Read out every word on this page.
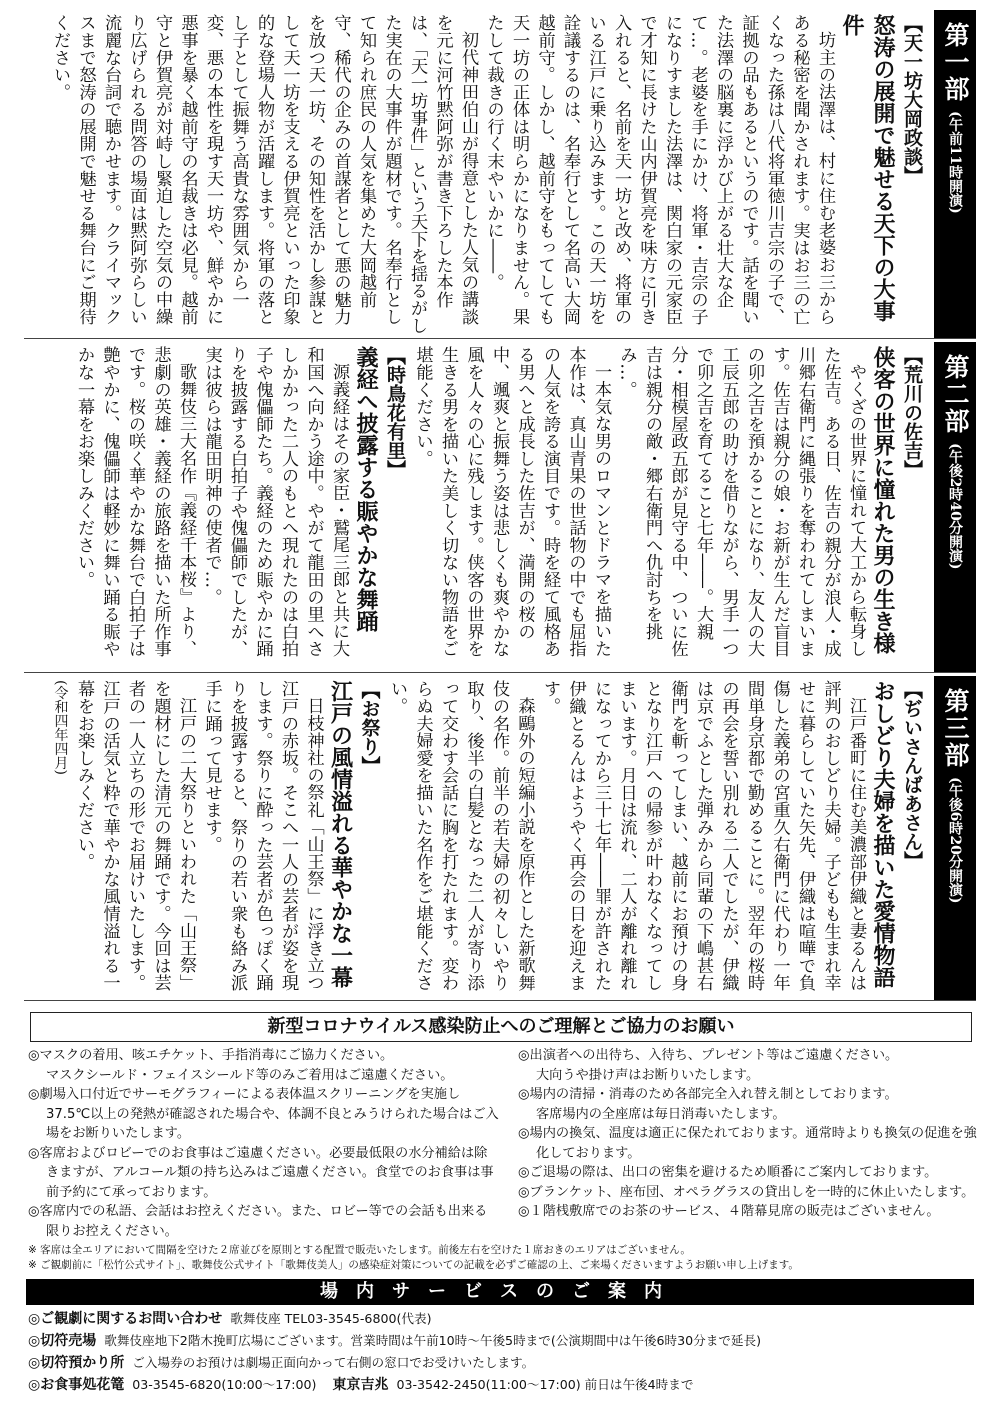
第一部
(午前11時開演)
【天一坊大岡政談】
怒涛の展開で魅せる天下の大事件

坊主の法澤は、村に住む老婆お三からある秘密を聞かされます。実はお三の亡くなった孫は八代将軍徳川吉宗の子で、証拠の品もあるというのです。話を聞いた法澤の脳裏に浮かび上がる壮大な企て…。老婆を手にかけ、将軍・吉宗の子になりすました法澤は、関白家の元家臣で才知に長けた山内伊賀亮を味方に引き入れると、名前を天一坊と改め、将軍のいる江戸に乗り込みます。この天一坊を詮議するのは、名奉行として名高い大岡越前守。しかし、越前守をもってしても天一坊の正体は明らかになりません。果たして裁きの行く末やいかに――。

初代神田伯山が得意とした人気の講談を元に河竹黙阿弥が書き下ろした本作は、「天一坊事件」という天下を揺るがした実在の大事件が題材です。名奉行として知られ庶民の人気を集めた大岡越前守、稀代の企みの首謀者として悪の魅力を放つ天一坊、その知性を活かし参謀として天一坊を支える伊賀亮といった印象的な登場人物が活躍します。将軍の落とし子として振舞う高貴な雰囲気から一変、悪の本性を現す天一坊や、鮮やかに悪事を暴く越前守の名裁きは必見。越前守と伊賀亮が対峙し緊迫した空気の中繰り広げられる問答の場面は黙阿弥らしい流麗な台詞で聴かせます。クライマックスまで怒涛の展開で魅せる舞台にご期待ください。

第二部
(午後2時40分開演)
【荒川の佐吉】
侠客の世界に憧れた男の生き様

やくざの世界に憧れて大工から転身した佐吉。ある日、佐吉の親分が浪人・成川郷右衛門に縄張りを奪われてしまいます。佐吉は親分の娘・お新が生んだ盲目の卯之吉を預かることになり、友人の大工辰五郎の助けを借りながら、男手一つで卯之吉を育てること七年――。大親分・相模屋政五郎が見守る中、ついに佐吉は親分の敵・郷右衛門へ仇討ちを挑み…。

一本気な男のロマンとドラマを描いた本作は、真山青果の世話物の中でも屈指の人気を誇る演目です。時を経て風格ある男へと成長した佐吉が、満開の桜の中、颯爽と振舞う姿は悲しくも爽やかな風を人々の心に残します。侠客の世界を生きる男を描いた美しく切ない物語をご堪能ください。

【時鳥花有里】
義経へ披露する賑やかな舞踊

源義経はその家臣・鷲尾三郎と共に大和国へ向かう途中。やがて龍田の里へさしかかった二人のもとへ現れたのは白拍子や傀儡師たち。義経のため賑やかに踊りを披露する白拍子や傀儡師でしたが、実は彼らは龍田明神の使者で…。

歌舞伎三大名作『義経千本桜』より、悲劇の英雄・義経の旅路を描いた所作事です。桜の咲く華やかな舞台で白拍子は艶やかに、傀儡師は軽妙に舞い踊る賑やかな一幕をお楽しみください。

第三部
(午後6時20分開演)
【ぢいさんばあさん】
おしどり夫婦を描いた愛情物語

江戸番町に住む美濃部伊織と妻るんは評判のおしどり夫婦。子どもも生まれ幸せに暮らしていた矢先、伊織は喧嘩で負傷した義弟の宮重久右衛門に代わり一年間単身京都で勤めることに。翌年の桜時の再会を誓い別れる二人でしたが、伊織は京でふとした弾みから同輩の下嶋甚右衛門を斬ってしまい、越前にお預けの身となり江戸への帰参が叶わなくなってしまいます。月日は流れ、二人が離れ離れになってから三十七年――罪が許された伊織とるんはようやく再会の日を迎えます。

森鷗外の短編小説を原作とした新歌舞伎の名作。前半の若夫婦の初々しいやり取り、後半の白髪となった二人が寄り添って交わす会話に胸を打たれます。変わらぬ夫婦愛を描いた名作をご堪能ください。

【お祭り】
江戸の風情溢れる華やかな一幕

日枝神社の祭礼「山王祭」に浮き立つ江戸の赤坂。そこへ一人の芸者が姿を現します。祭りに酔った芸者が色っぽく踊りを披露すると、祭りの若い衆も絡み派手に踊って見せます。

江戸の二大祭りといわれた「山王祭」を題材にした清元の舞踊です。今回は芸者の一人立ちの形でお届けいたします。江戸の活気と粋で華やかな風情溢れる一幕をお楽しみください。

(令和四年四月)
新型コロナウイルス感染防止へのご理解とご協力のお願い
◎マスクの着用、咳エチケット、手指消毒にご協力ください。
マスクシールド・フェイスシールド等のみご着用はご遠慮ください。
◎劇場入口付近でサーモグラフィーによる表体温スクリーニングを実施し37.5℃以上の発熱が確認された場合や、体調不良とみうけられた場合はご入場をお断りいたします。
◎客席およびロビーでのお食事はご遠慮ください。必要最低限の水分補給は除きますが、アルコール類の持ち込みはご遠慮ください。食堂でのお食事は事前予約にて承っております。
◎客席内での私語、会話はお控えください。また、ロビー等での会話も出来る限りお控えください。
◎出演者への出待ち、入待ち、プレゼント等はご遠慮ください。
大向うや掛け声はお断りいたします。
◎場内の清掃・消毒のため各部完全入れ替え制としております。
客席場内の全座席は毎日消毒いたします。
◎場内の換気、温度は適正に保たれております。通常時よりも換気の促進を強化しております。
◎ご退場の際は、出口の密集を避けるため順番にご案内しております。
◎ブランケット、座布団、オペラグラスの貸出しを一時的に休止いたします。
◎１階桟敷席でのお茶のサービス、４階幕見席の販売はございません。
※ 客席は全エリアにおいて間隔を空けた２席並びを原則とする配置で販売いたします。前後左右を空けた１席おきのエリアはございません。
※ ご観劇前に「松竹公式サイト」、歌舞伎公式サイト「歌舞伎美人」の感染症対策についての記載を必ずご確認の上、ご来場くださいますようお願い申し上げます。
場内サービスのご案内
◎ご観劇に関するお問い合わせ 歌舞伎座 TEL03-3545-6800(代表)
◎切符売場 歌舞伎座地下2階木挽町広場にございます。営業時間は午前10時～午後5時まで(公演期間中は午後6時30分まで延長)
◎切符預かり所 ご入場券のお預けは劇場正面向かって右側の窓口でお受けいたします。
◎お食事処花篭 03-3545-6820(10:00～17:00) 東京吉兆 03-3542-2450(11:00～17:00) 前日は午後4時まで
